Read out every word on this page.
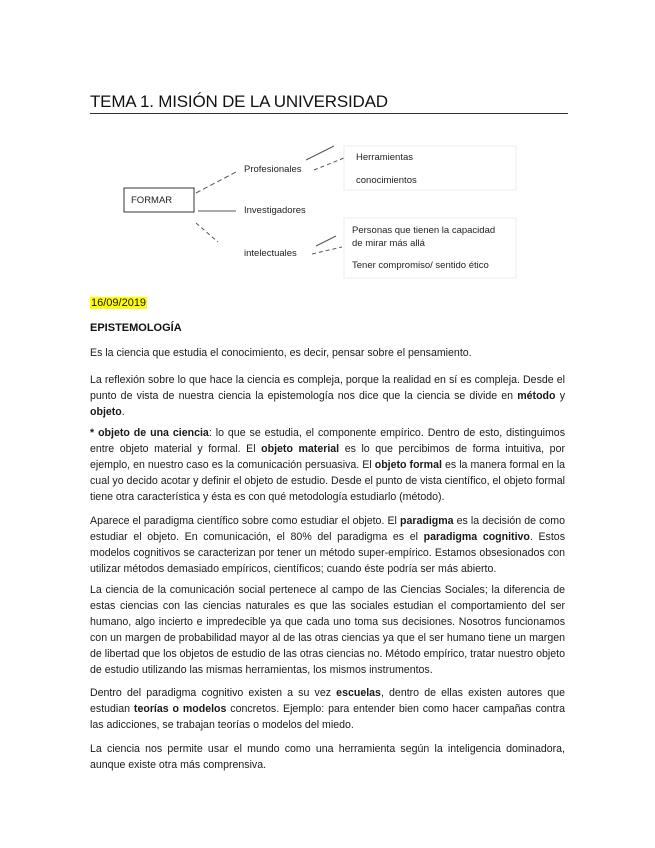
TEMA 1. MISIÓN DE LA UNIVERSIDAD
FORMAR
Profesionales
Investigadores
intelectuales
Herramientas
conocimientos
Personas que tienen la capacidad
de mirar más allá
Tener compromiso/ sentido ético
16/09/2019
EPISTEMOLOGÍA

Es la ciencia que estudia el conocimiento, es decir, pensar sobre el pensamiento.

La reflexión sobre lo que hace la ciencia es compleja, porque la realidad en sí es compleja. Desde el punto de vista de nuestra ciencia la epistemología nos dice que la ciencia se divide en método y objeto.

* objeto de una ciencia: lo que se estudia, el componente empírico. Dentro de esto, distinguimos entre objeto material y formal. El objeto material es lo que percibimos de forma intuitiva, por ejemplo, en nuestro caso es la comunicación persuasiva. El objeto formal es la manera formal en la cual yo decido acotar y definir el objeto de estudio. Desde el punto de vista científico, el objeto formal tiene otra característica y ésta es con qué metodología estudiarlo (método).

Aparece el paradigma científico sobre como estudiar el objeto. El paradigma es la decisión de como estudiar el objeto. En comunicación, el 80% del paradigma es el paradigma cognitivo. Estos modelos cognitivos se caracterizan por tener un método super-empírico. Estamos obsesionados con utilizar métodos demasiado empíricos, científicos; cuando éste podría ser más abierto.

La ciencia de la comunicación social pertenece al campo de las Ciencias Sociales; la diferencia de estas ciencias con las ciencias naturales es que las sociales estudian el comportamiento del ser humano, algo incierto e impredecible ya que cada uno toma sus decisiones. Nosotros funcionamos con un margen de probabilidad mayor al de las otras ciencias ya que el ser humano tiene un margen de libertad que los objetos de estudio de las otras ciencias no. Método empírico, tratar nuestro objeto de estudio utilizando las mismas herramientas, los mismos instrumentos.

Dentro del paradigma cognitivo existen a su vez escuelas, dentro de ellas existen autores que estudian teorías o modelos concretos. Ejemplo: para entender bien como hacer campañas contra las adicciones, se trabajan teorías o modelos del miedo.

La ciencia nos permite usar el mundo como una herramienta según la inteligencia dominadora, aunque existe otra más comprensiva.
